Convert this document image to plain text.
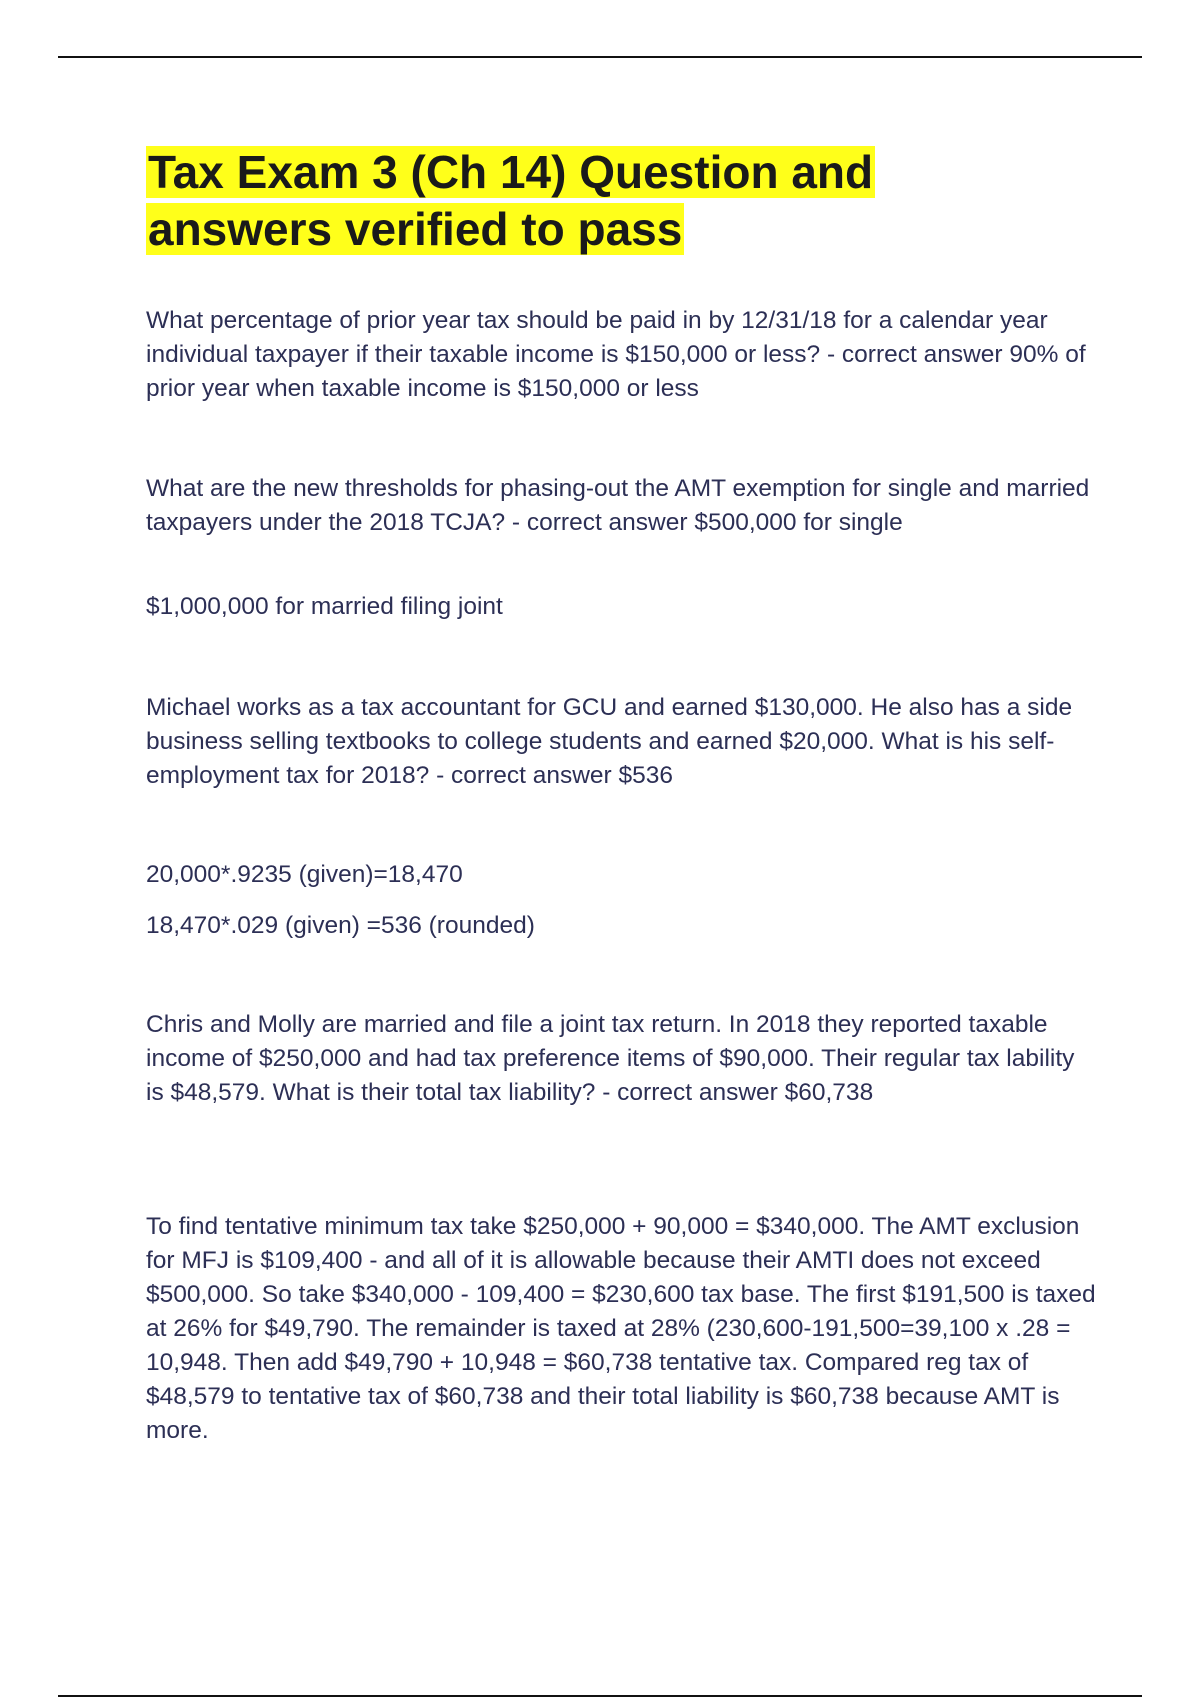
Tax Exam 3 (Ch 14) Question and
answers verified to pass

What percentage of prior year tax should be paid in by 12/31/18 for a calendar year individual taxpayer if their taxable income is $150,000 or less? - correct answer 90% of prior year when taxable income is $150,000 or less

What are the new thresholds for phasing-out the AMT exemption for single and married taxpayers under the 2018 TCJA? - correct answer $500,000 for single

$1,000,000 for married filing joint

Michael works as a tax accountant for GCU and earned $130,000. He also has a side business selling textbooks to college students and earned $20,000. What is his self-employment tax for 2018? - correct answer $536

20,000*.9235 (given)=18,470

18,470*.029 (given) =536 (rounded)

Chris and Molly are married and file a joint tax return. In 2018 they reported taxable income of $250,000 and had tax preference items of $90,000. Their regular tax lability is $48,579. What is their total tax liability? - correct answer $60,738

To find tentative minimum tax take $250,000 + 90,000 = $340,000. The AMT exclusion for MFJ is $109,400 - and all of it is allowable because their AMTI does not exceed $500,000. So take $340,000 - 109,400 = $230,600 tax base. The first $191,500 is taxed at 26% for $49,790. The remainder is taxed at 28% (230,600-191,500=39,100 x .28 = 10,948. Then add $49,790 + 10,948 = $60,738 tentative tax. Compared reg tax of $48,579 to tentative tax of $60,738 and their total liability is $60,738 because AMT is more.
